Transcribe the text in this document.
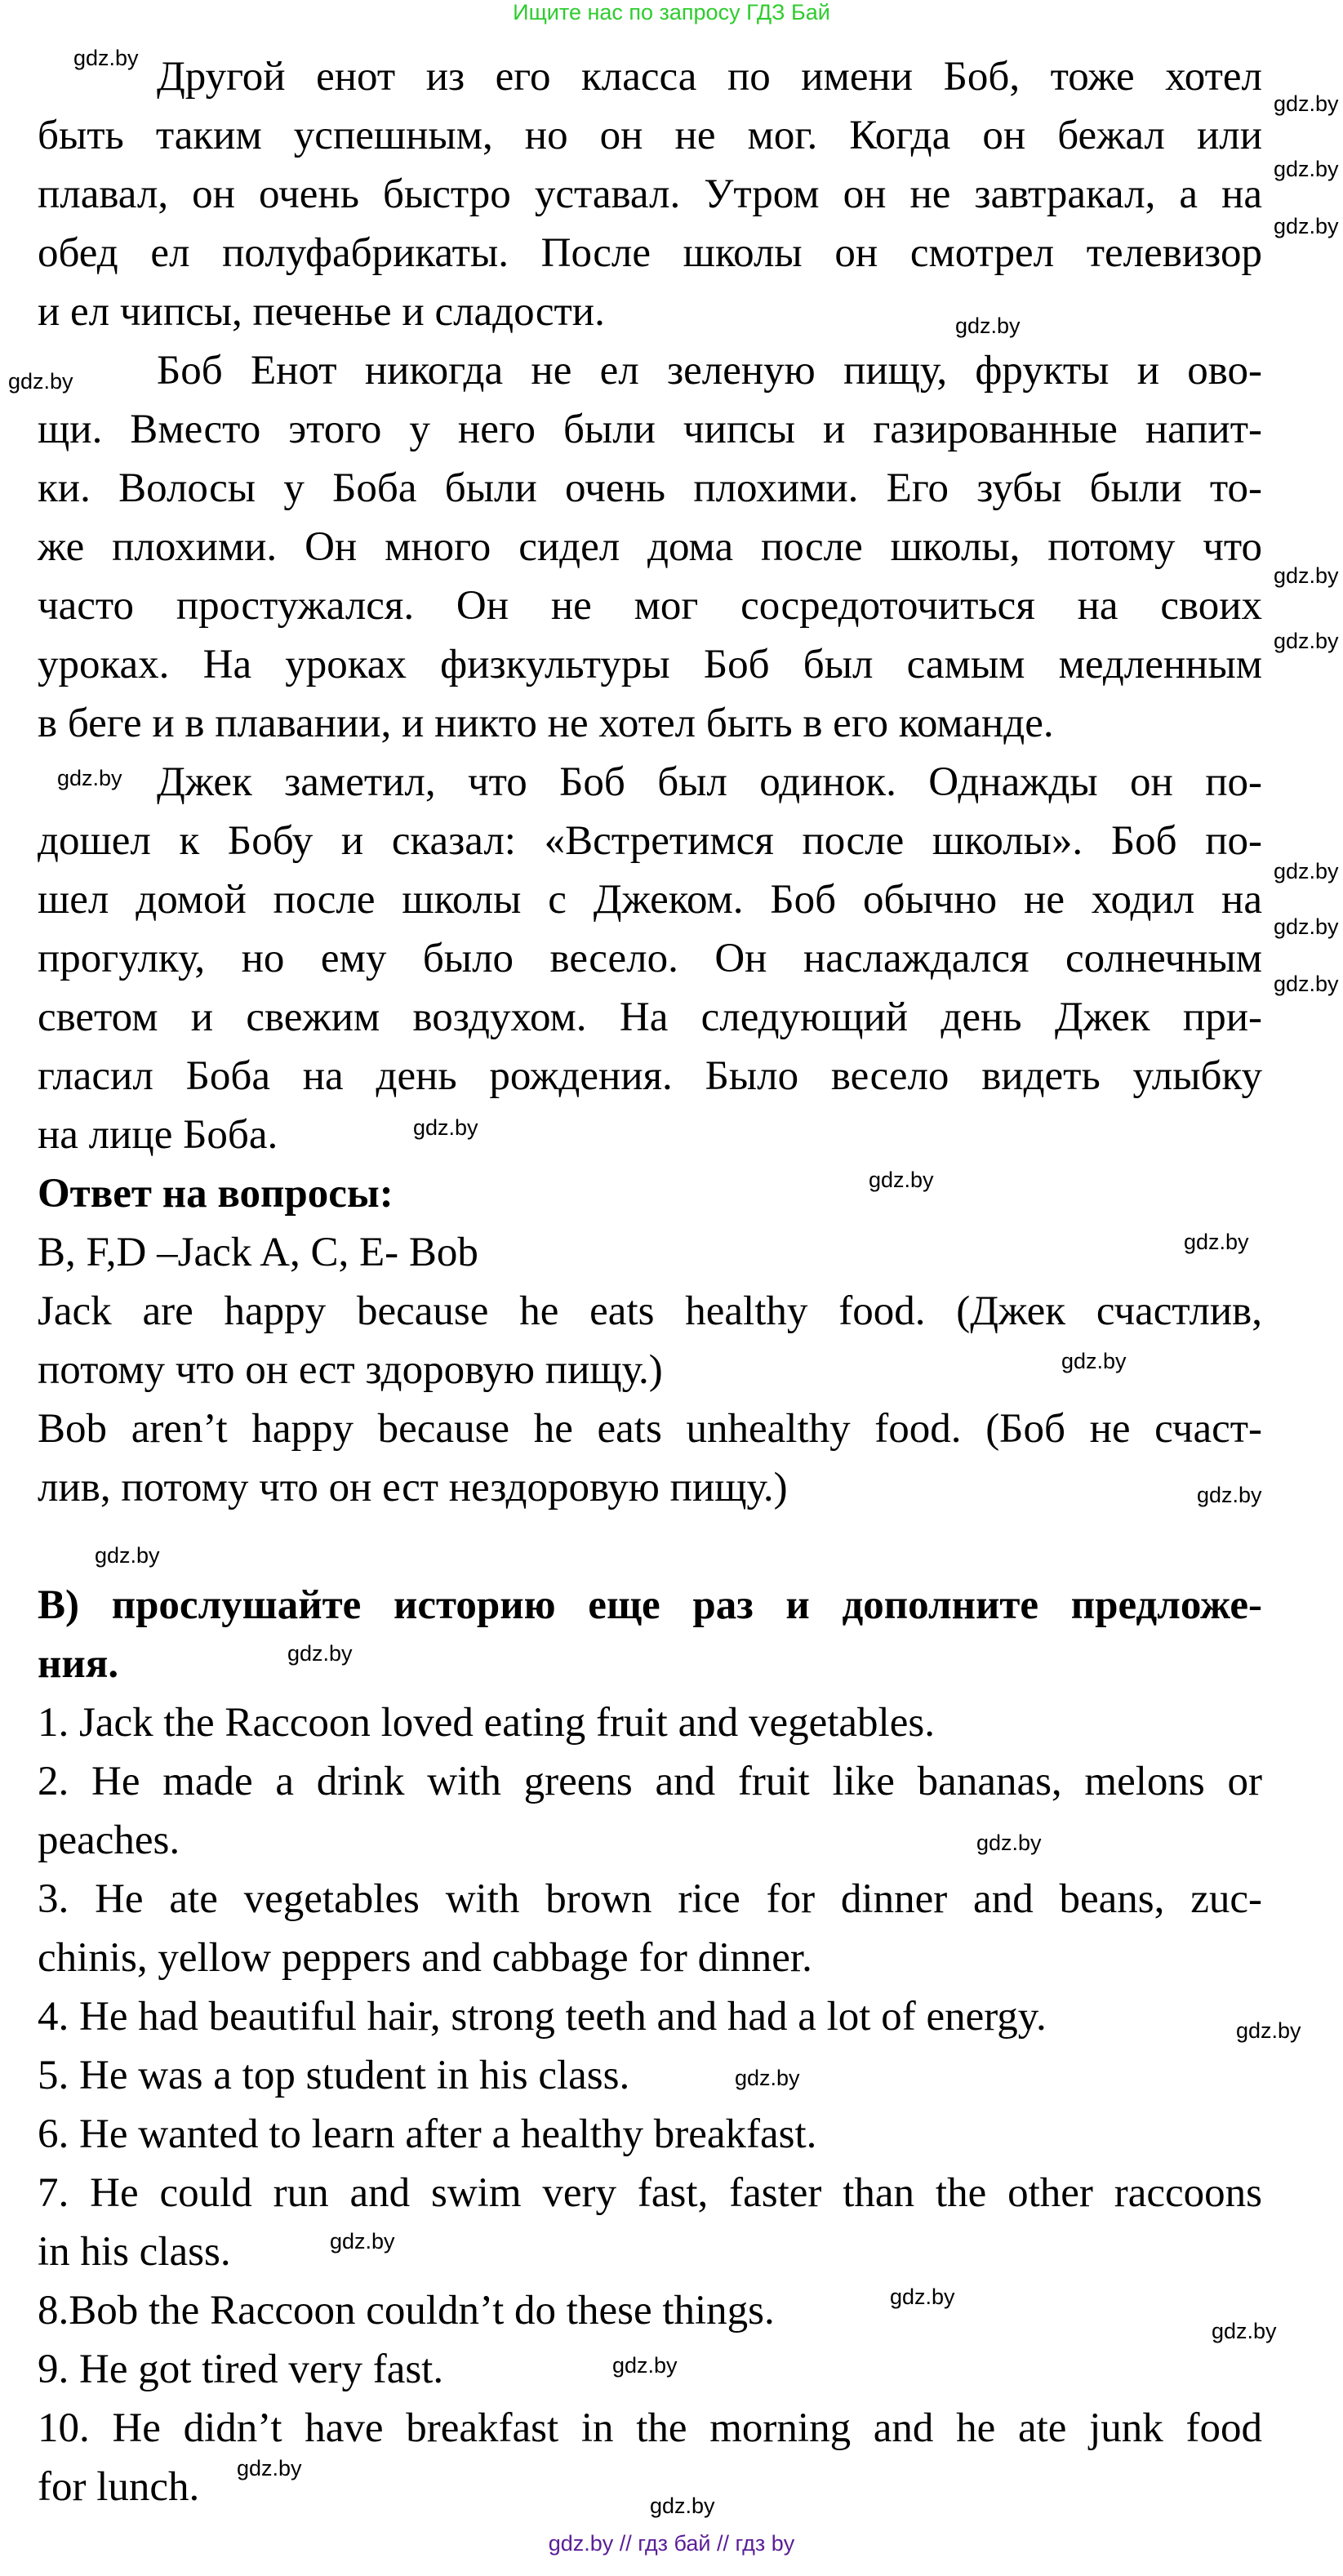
Ищите нас по запросу ГДЗ Бай
Другой енот из его класса по имени Боб, тоже хотел
быть таким успешным, но он не мог. Когда он бежал или
плавал, он очень быстро уставал. Утром он не завтракал, а на
обед ел полуфабрикаты. После школы он смотрел телевизор
и ел чипсы, печенье и сладости.
Боб Енот никогда не ел зеленую пищу, фрукты и ово-
щи. Вместо этого у него были чипсы и газированные напит-
ки. Волосы у Боба были очень плохими. Его зубы были то-
же плохими. Он много сидел дома после школы, потому что
часто простужался. Он не мог сосредоточиться на своих
уроках. На уроках физкультуры Боб был самым медленным
в беге и в плавании, и никто не хотел быть в его команде.
Джек заметил, что Боб был одинок. Однажды он по-
дошел к Бобу и сказал: «Встретимся после школы». Боб по-
шел домой после школы с Джеком. Боб обычно не ходил на
прогулку, но ему было весело. Он наслаждался солнечным
светом и свежим воздухом. На следующий день Джек при-
гласил Боба на день рождения. Было весело видеть улыбку
на лице Боба.
Ответ на вопросы:
B, F,D –Jack A, C, E- Bob
Jack are happy because he eats healthy food. (Джек счастлив,
потому что он ест здоровую пищу.)
Bob aren’t happy because he eats unhealthy food. (Боб не счаст-
лив, потому что он ест нездоровую пищу.)
B) прослушайте историю еще раз и дополните предложе-
ния.
1. Jack the Raccoon loved eating fruit and vegetables.
2. He made a drink with greens and fruit like bananas, melons or
peaches.
3. He ate vegetables with brown rice for dinner and beans, zuc-
chinis, yellow peppers and cabbage for dinner.
4. He had beautiful hair, strong teeth and had a lot of energy.
5. He was a top student in his class.
6. He wanted to learn after a healthy breakfast.
7. He could run and swim very fast, faster than the other raccoons
in his class.
8.Bob the Raccoon couldn’t do these things.
9. He got tired very fast.
10. He didn’t have breakfast in the morning and he ate junk food
for lunch.
gdz.by
gdz.by
gdz.by
gdz.by
gdz.by
gdz.by
gdz.by
gdz.by
gdz.by
gdz.by
gdz.by
gdz.by
gdz.by
gdz.by
gdz.by
gdz.by
gdz.by
gdz.by
gdz.by
gdz.by
gdz.by
gdz.by
gdz.by
gdz.by
gdz.by
gdz.by
gdz.by
gdz.by
gdz.by // гдз бай // гдз by
